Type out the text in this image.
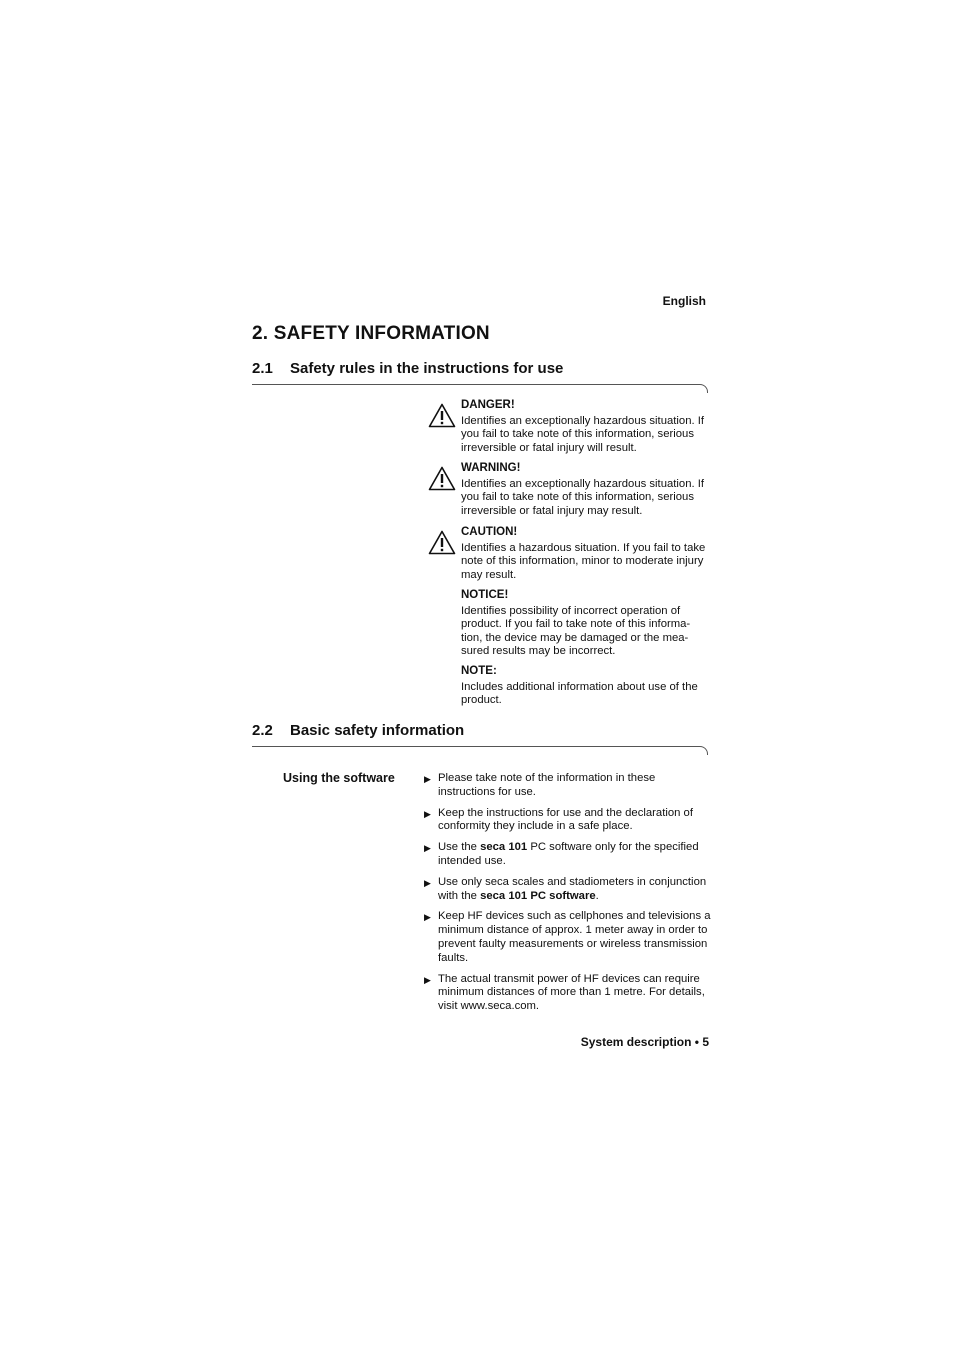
English
2. SAFETY INFORMATION
2.1 Safety rules in the instructions for use
DANGER!
Identifies an exceptionally hazardous situation. If you fail to take note of this information, serious irreversible or fatal injury will result.
WARNING!
Identifies an exceptionally hazardous situation. If you fail to take note of this information, serious irreversible or fatal injury may result.
CAUTION!
Identifies a hazardous situation. If you fail to take note of this information, minor to moderate injury may result.
NOTICE!
Identifies possibility of incorrect operation of product. If you fail to take note of this informa-tion, the device may be damaged or the mea-sured results may be incorrect.
NOTE:
Includes additional information about use of the product.
2.2 Basic safety information
Using the software	▶ Please take note of the information in these instructions for use.
▶ Keep the instructions for use and the declaration of conformity they include in a safe place.
▶ Use the seca 101 PC software only for the specified intended use.
▶ Use only seca scales and stadiometers in conjunction with the seca 101 PC software.
▶ Keep HF devices such as cellphones and televisions a minimum distance of approx. 1 meter away in order to prevent faulty measurements or wireless transmission faults.
▶ The actual transmit power of HF devices can require minimum distances of more than 1 metre. For details, visit www.seca.com.
System description • 5
